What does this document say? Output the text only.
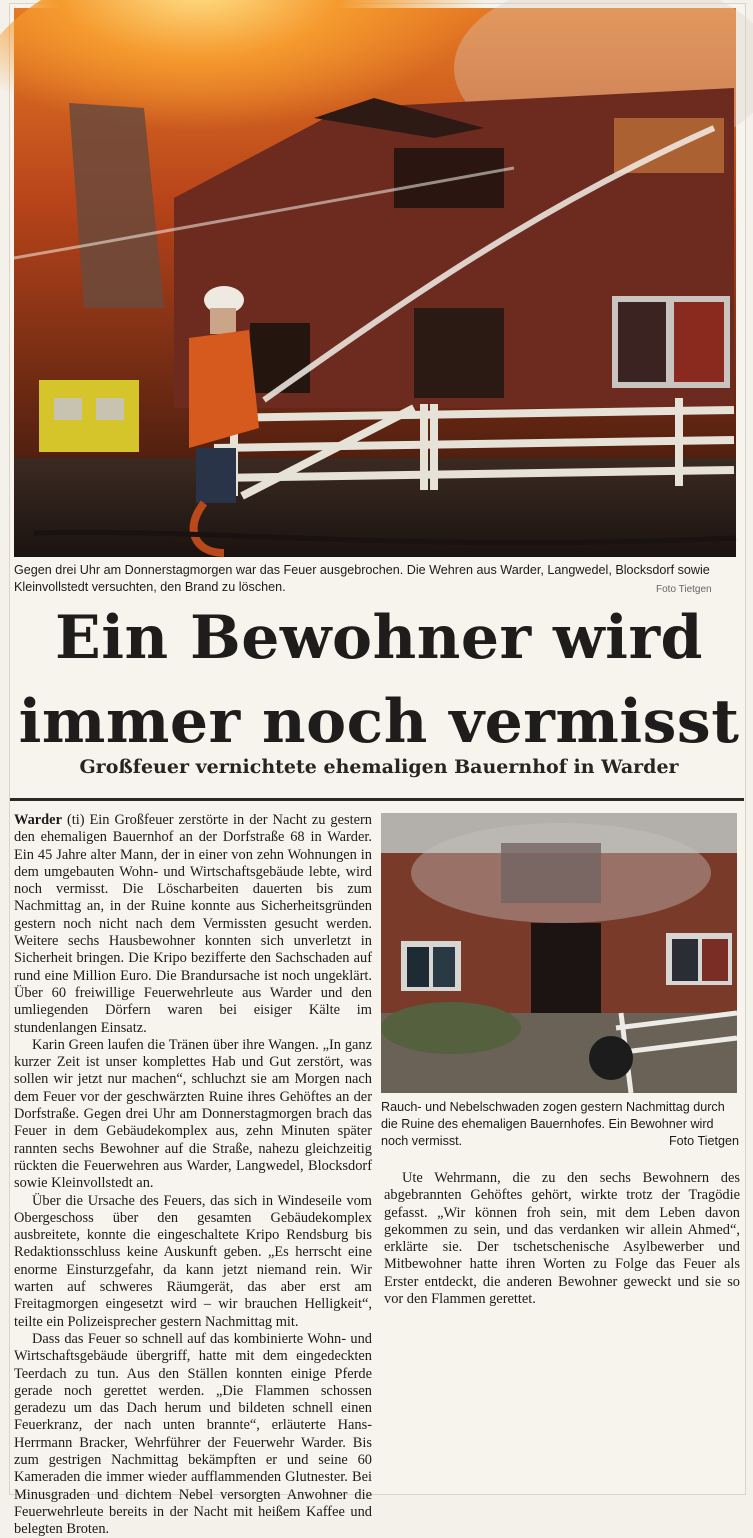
Gegen drei Uhr am Donnerstagmorgen war das Feuer ausgebrochen. Die Wehren aus Warder, Langwedel, Blocksdorf sowie Kleinvollstedt versuchten, den Brand zu löschen.	Foto Tietgen
Ein Bewohner wird immer noch vermisst
Großfeuer vernichtete ehemaligen Bauernhof in Warder
Rauch- und Nebelschwaden zogen gestern Nachmittag durch die Ruine des ehemaligen Bauernhofes. Ein Bewohner wird noch vermisst.	Foto Tietgen

Warder (ti) Ein Großfeuer zerstörte in der Nacht zu gestern den ehemaligen Bauernhof an der Dorfstraße 68 in Warder. Ein 45 Jahre alter Mann, der in einer von zehn Wohnungen in dem umgebauten Wohn- und Wirtschaftsgebäude lebte, wird noch vermisst. Die Löscharbeiten dauerten bis zum Nachmittag an, in der Ruine konnte aus Sicherheitsgründen gestern noch nicht nach dem Vermissten gesucht werden. Weitere sechs Hausbewohner konnten sich unverletzt in Sicherheit bringen. Die Kripo bezifferte den Sachschaden auf rund eine Million Euro. Die Brandursache ist noch ungeklärt. Über 60 freiwillige Feuerwehrleute aus Warder und den umliegenden Dörfern waren bei eisiger Kälte im stundenlangen Einsatz.

Karin Green laufen die Tränen über ihre Wangen. „In ganz kurzer Zeit ist unser komplettes Hab und Gut zerstört, was sollen wir jetzt nur machen“, schluchzt sie am Morgen nach dem Feuer vor der geschwärzten Ruine ihres Gehöftes an der Dorfstraße. Gegen drei Uhr am Donnerstagmorgen brach das Feuer in dem Gebäudekomplex aus, zehn Minuten später rannten sechs Bewohner auf die Straße, nahezu gleichzeitig rückten die Feuerwehren aus Warder, Langwedel, Blocksdorf sowie Kleinvollstedt an.

Über die Ursache des Feuers, das sich in Windeseile vom Obergeschoss über den gesamten Gebäudekomplex ausbreitete, konnte die eingeschaltete Kripo Rendsburg bis Redaktionsschluss keine Auskunft geben. „Es herrscht eine enorme Einsturzgefahr, da kann jetzt niemand rein. Wir warten auf schweres Räumgerät, das aber erst am Freitagmorgen eingesetzt wird – wir brauchen Helligkeit“, teilte ein Polizeisprecher gestern Nachmittag mit.

Dass das Feuer so schnell auf das kombinierte Wohn- und Wirtschaftsgebäude übergriff, hatte mit dem eingedeckten Teerdach zu tun. Aus den Ställen konnten einige Pferde gerade noch gerettet werden. „Die Flammen schossen geradezu um das Dach herum und bildeten schnell einen Feuerkranz, der nach unten brannte“, erläuterte Hans-Herrmann Bracker, Wehrführer der Feuerwehr Warder. Bis zum gestrigen Nachmittag bekämpften er und seine 60 Kameraden die immer wieder aufflammenden Glutnester. Bei Minusgraden und dichtem Nebel versorgten Anwohner die Feuerwehrleute bereits in der Nacht mit heißem Kaffee und belegten Broten.

Ute Wehrmann, die zu den sechs Bewohnern des abgebrannten Gehöftes gehört, wirkte trotz der Tragödie gefasst. „Wir können froh sein, mit dem Leben davon gekommen zu sein, und das verdanken wir allein Ahmed“, erklärte sie. Der tschetschenische Asylbewerber und Mitbewohner hatte ihren Worten zu Folge das Feuer als Erster entdeckt, die anderen Bewohner geweckt und sie so vor den Flammen gerettet.
